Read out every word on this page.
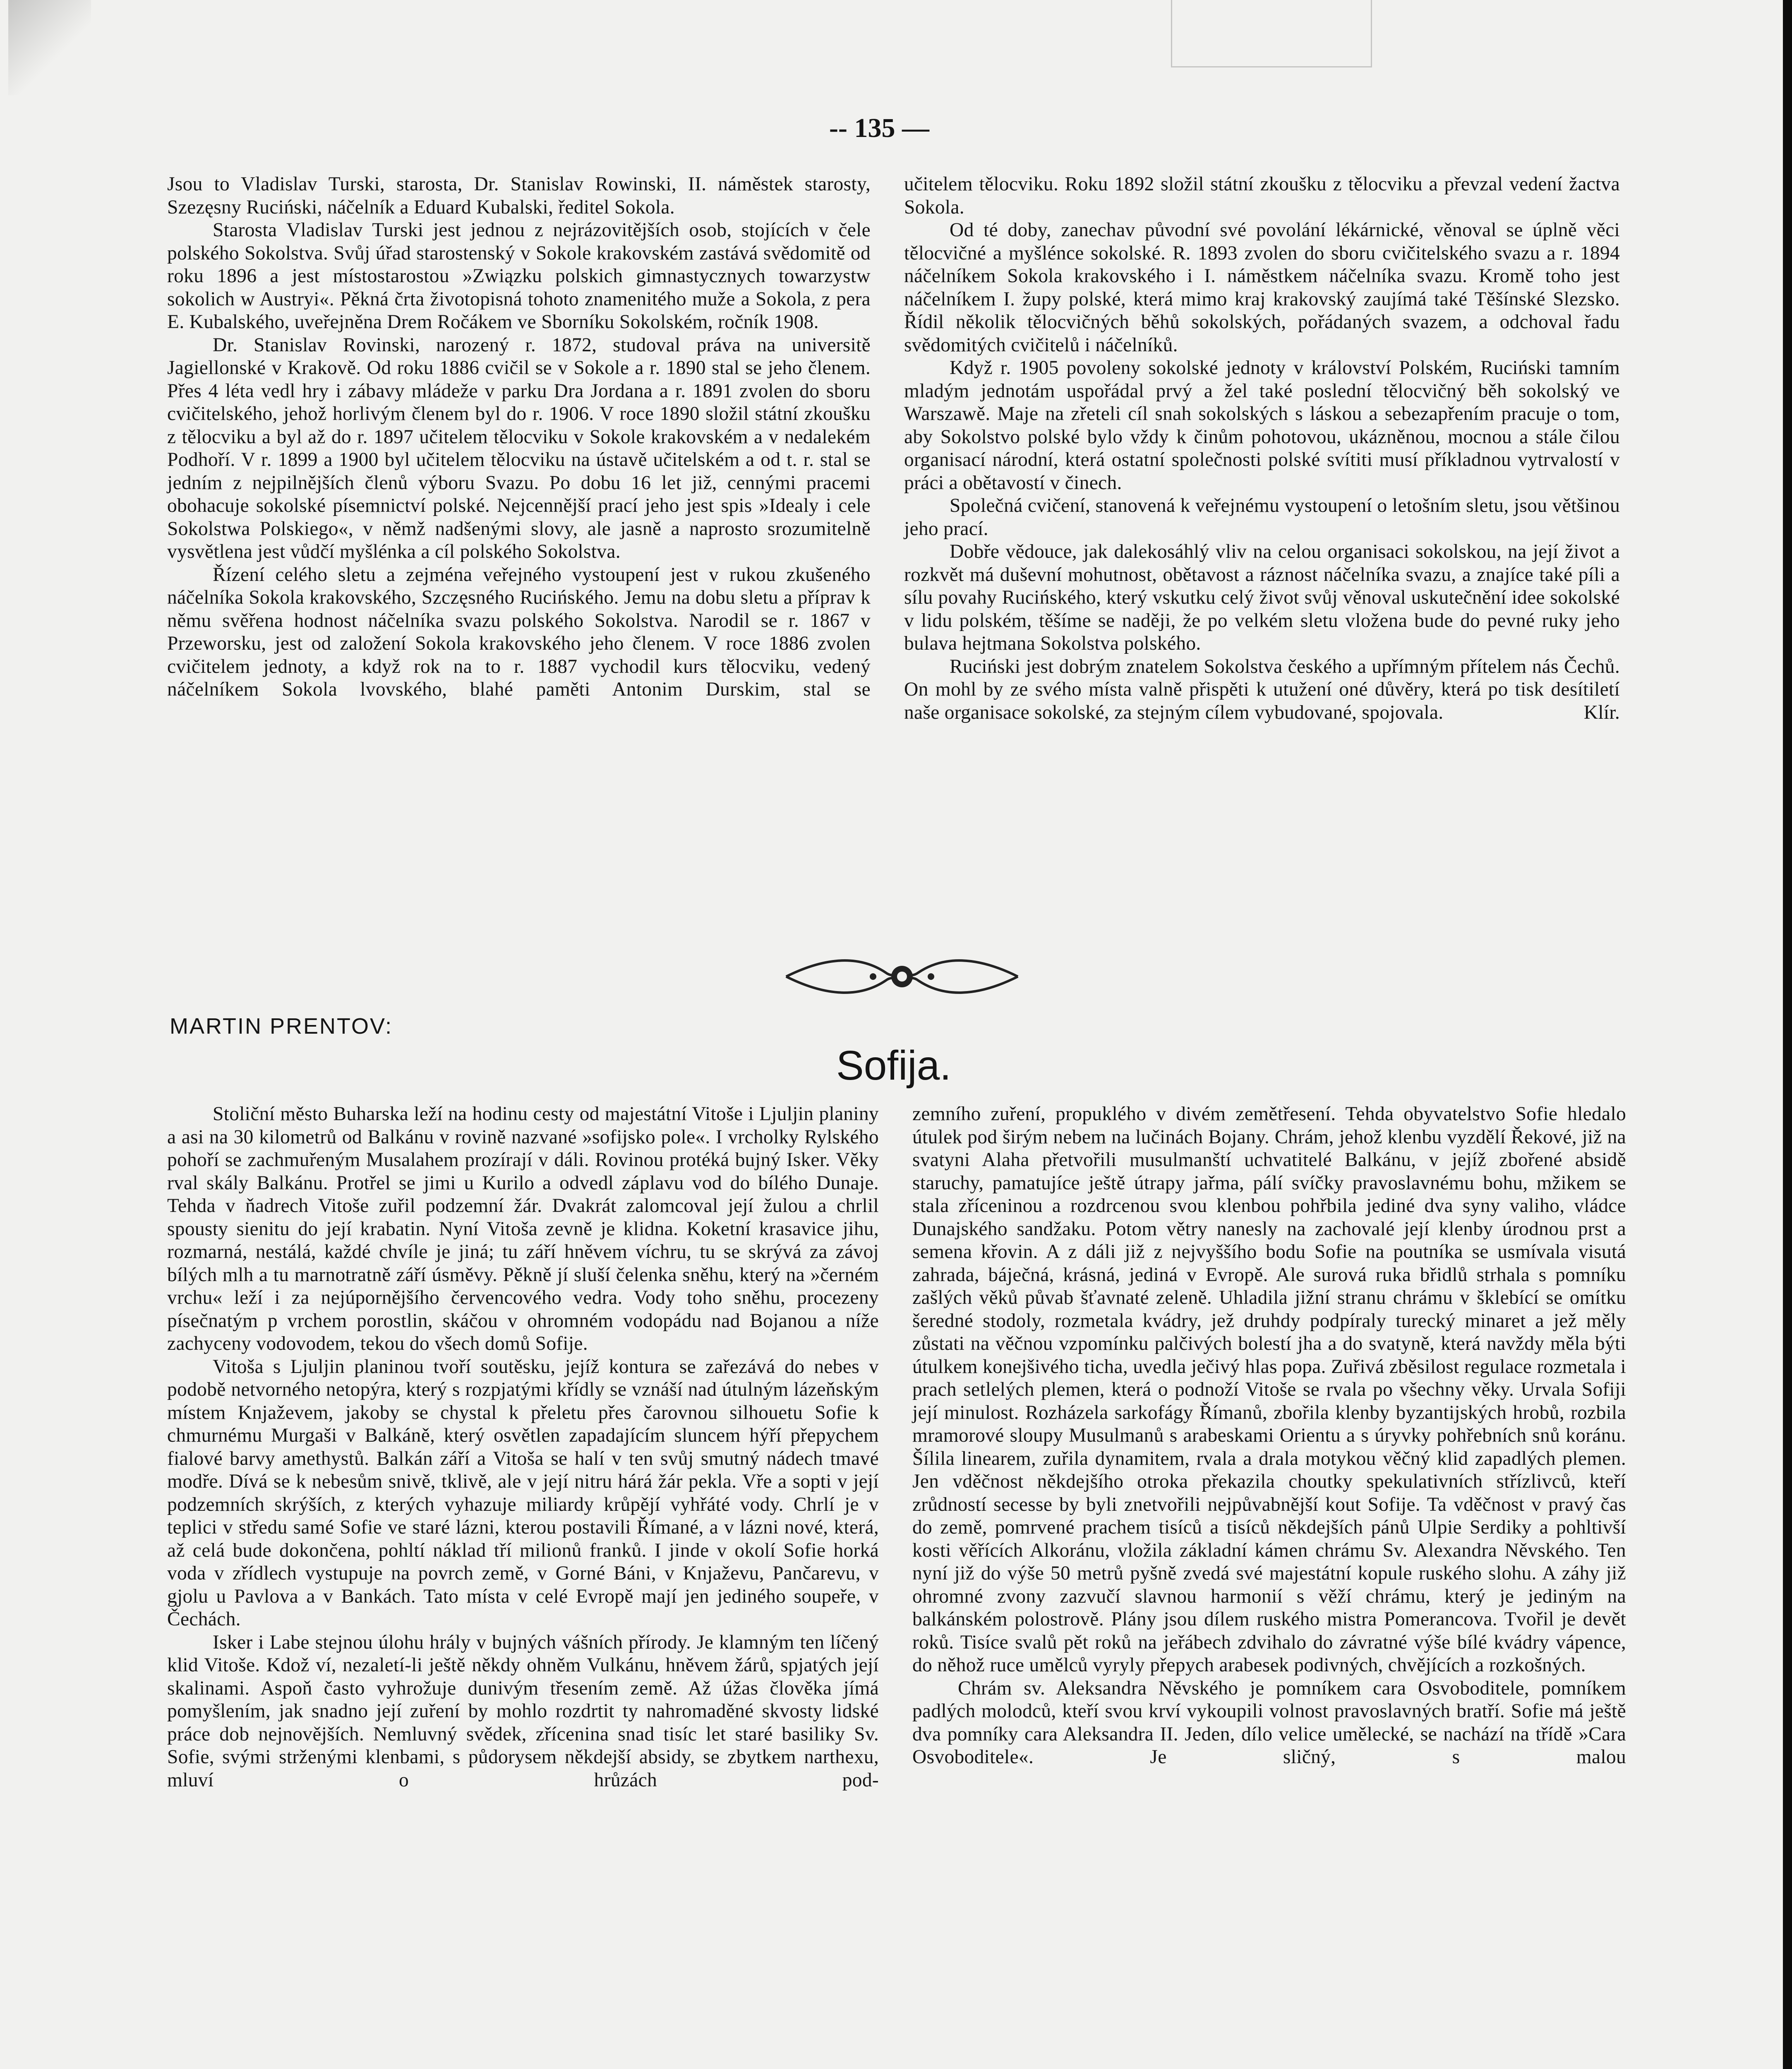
-- 135 —

Jsou to Vladislav Turski, starosta, Dr. Stanislav Rowinski, II. náměstek starosty, Szezęsny Ruciński, náčelník a Eduard Kubalski, ředitel Sokola.

Starosta Vladislav Turski jest jednou z nejrázovitějších osob, stojících v čele polského Sokolstva. Svůj úřad starostenský v Sokole krakovském zastává svědomitě od roku 1896 a jest místostarostou »Związku polskich gimnastycznych towarzystw sokolich w Austryi«. Pěkná črta životopisná tohoto znamenitého muže a Sokola, z pera E. Kubalského, uveřejněna Drem Ročákem ve Sborníku Sokolském, ročník 1908.

Dr. Stanislav Rovinski, narozený r. 1872, studoval práva na universitě Jagiellonské v Krakově. Od roku 1886 cvičil se v Sokole a r. 1890 stal se jeho členem. Přes 4 léta vedl hry i zábavy mládeže v parku Dra Jordana a r. 1891 zvolen do sboru cvičitelského, jehož horlivým členem byl do r. 1906. V roce 1890 složil státní zkoušku z tělocviku a byl až do r. 1897 učitelem tělocviku v Sokole krakovském a v nedalekém Podhoří. V r. 1899 a 1900 byl učitelem tělocviku na ústavě učitelském a od t. r. stal se jedním z nejpilnějších členů výboru Svazu. Po dobu 16 let již, cennými pracemi obohacuje sokolské písemnictví polské. Nejcennější prací jeho jest spis »Idealy i cele Sokolstwa Polskiego«, v němž nadšenými slovy, ale jasně a naprosto srozumitelně vysvětlena jest vůdčí myšlénka a cíl polského Sokolstva.

Řízení celého sletu a zejména veřejného vystoupení jest v rukou zkušeného náčelníka Sokola krakovského, Szczęsného Rucińského. Jemu na dobu sletu a příprav k němu svěřena hodnost náčelníka svazu polského Sokolstva. Narodil se r. 1867 v Przeworsku, jest od založení Sokola krakovského jeho členem. V roce 1886 zvolen cvičitelem jednoty, a když rok na to r. 1887 vychodil kurs tělocviku, vedený náčelníkem Sokola lvovského, blahé paměti Antonim Durskim, stal se

učitelem tělocviku. Roku 1892 složil státní zkoušku z tělocviku a převzal vedení žactva Sokola.

Od té doby, zanechav původní své povolání lékárnické, věnoval se úplně věci tělocvičné a myšlénce sokolské. R. 1893 zvolen do sboru cvičitelského svazu a r. 1894 náčelníkem Sokola krakovského i I. náměstkem náčelníka svazu. Kromě toho jest náčelníkem I. župy polské, která mimo kraj krakovský zaujímá také Těšínské Slezsko. Řídil několik tělocvičných běhů sokolských, pořádaných svazem, a odchoval řadu svědomitých cvičitelů i náčelníků.

Když r. 1905 povoleny sokolské jednoty v království Polském, Ruciński tamním mladým jednotám uspořádal prvý a žel také poslední tělocvičný běh sokolský ve Warszawě. Maje na zřeteli cíl snah sokolských s láskou a sebezapřením pracuje o tom, aby Sokolstvo polské bylo vždy k činům pohotovou, ukázněnou, mocnou a stále čilou organisací národní, která ostatní společnosti polské svítiti musí příkladnou vytrvalostí v práci a obětavostí v činech.

Společná cvičení, stanovená k veřejnému vystoupení o letošním sletu, jsou většinou jeho prací.

Dobře vědouce, jak dalekosáhlý vliv na celou organisaci sokolskou, na její život a rozkvět má duševní mohutnost, obětavost a ráznost náčelníka svazu, a znajíce také píli a sílu povahy Rucińského, který vskutku celý život svůj věnoval uskutečnění idee sokolské v lidu polském, těšíme se naději, že po velkém sletu vložena bude do pevné ruky jeho bulava hejtmana Sokolstva polského.

Ruciński jest dobrým znatelem Sokolstva českého a upřímným přítelem nás Čechů. On mohl by ze svého místa valně přispěti k utužení oné důvěry, která po tisk desítiletí naše organisace sokolské, za stejným cílem vybudované, spojovala.	Klír.

MARTIN PRENTOV:
Sofija.

Stoliční město Buharska leží na hodinu cesty od majestátní Vitoše i Ljuljin planiny a asi na 30 kilometrů od Balkánu v rovině nazvané »sofijsko pole«. I vrcholky Rylského pohoří se zachmuřeným Musalahem prozírají v dáli. Rovinou protéká bujný Isker. Věky rval skály Balkánu. Protřel se jimi u Kurilo a odvedl záplavu vod do bílého Dunaje. Tehda v ňadrech Vitoše zuřil podzemní žár. Dvakrát zalomcoval její žulou a chrlil spousty sienitu do její krabatin. Nyní Vitoša zevně je klidna. Koketní krasavice jihu, rozmarná, nestálá, každé chvíle je jiná; tu září hněvem víchru, tu se skrývá za závoj bílých mlh a tu marnotratně září úsměvy. Pěkně jí sluší čelenka sněhu, který na »černém vrchu« leží i za nejúpornějšího červencového vedra. Vody toho sněhu, procezeny písečnatým p vrchem porostlin, skáčou v ohromném vodopádu nad Bojanou a níže zachyceny vodovodem, tekou do všech domů Sofije.

Vitoša s Ljuljin planinou tvoří soutěsku, jejíž kontura se zařezává do nebes v podobě netvorného netopýra, který s rozpjatými křídly se vznáší nad útulným lázeňským místem Knjaževem, jakoby se chystal k přeletu přes čarovnou silhouetu Sofie k chmurnému Murgaši v Balkáně, který osvětlen zapadajícím sluncem hýří přepychem fialové barvy amethystů. Balkán září a Vitoša se halí v ten svůj smutný nádech tmavé modře. Dívá se k nebesům snivě, tklivě, ale v její nitru hárá žár pekla. Vře a sopti v její podzemních skrýších, z kterých vyhazuje miliardy krůpějí vyhřáté vody. Chrlí je v teplici v středu samé Sofie ve staré lázni, kterou postavili Římané, a v lázni nové, která, až celá bude dokončena, pohltí náklad tří milionů franků. I jinde v okolí Sofie horká voda v zřídlech vystupuje na povrch země, v Gorné Báni, v Knjaževu, Pančarevu, v gjolu u Pavlova a v Bankách. Tato místa v celé Evropě mají jen jediného soupeře, v Čechách.

Isker i Labe stejnou úlohu hrály v bujných vášních přírody. Je klamným ten líčený klid Vitoše. Kdož ví, nezaletí-li ještě někdy ohněm Vulkánu, hněvem žárů, spjatých její skalinami. Aspoň často vyhrožuje dunivým třesením země. Až úžas člověka jímá pomyšlením, jak snadno její zuření by mohlo rozdrtit ty nahromaděné skvosty lidské práce dob nejnovějších. Nemluvný svědek, zřícenina snad tisíc let staré basiliky Sv. Sofie, svými strženými klenbami, s půdorysem někdejší absidy, se zbytkem narthexu, mluví o hrůzách pod-

zemního zuření, propuklého v divém zemětřesení. Tehda obyvatelstvo Sofie hledalo útulek pod širým nebem na lučinách Bojany. Chrám, jehož klenbu vyzdělí Řekové, již na svatyni Alaha přetvořili musulmanští uchvatitelé Balkánu, v jejíž zbořené absidě staruchy, pamatujíce ještě útrapy jařma, pálí svíčky pravoslavnému bohu, mžikem se stala zříceninou a rozdrcenou svou klenbou pohřbila jediné dva syny valiho, vládce Dunajského sandžaku. Potom větry nanesly na zachovalé její klenby úrodnou prst a semena křovin. A z dáli již z nejvyššího bodu Sofie na poutníka se usmívala visutá zahrada, báječná, krásná, jediná v Evropě. Ale surová ruka břidlů strhala s pomníku zašlých věků půvab šťavnaté zeleně. Uhladila jižní stranu chrámu v šklebící se omítku šeredné stodoly, rozmetala kvádry, jež druhdy podpíraly turecký minaret a jež měly zůstati na věčnou vzpomínku palčivých bolestí jha a do svatyně, která navždy měla býti útulkem konejšivého ticha, uvedla ječivý hlas popa. Zuřivá zběsilost regulace rozmetala i prach setlelých plemen, která o podnoží Vitoše se rvala po všechny věky. Urvala Sofiji její minulost. Rozházela sarkofágy Římanů, zbořila klenby byzantijských hrobů, rozbila mramorové sloupy Musulmanů s arabeskami Orientu a s úryvky pohřebních snů koránu. Šílila linearem, zuřila dynamitem, rvala a drala motykou věčný klid zapadlých plemen. Jen vděčnost někdejšího otroka překazila choutky spekulativních střízlivců, kteří zrůdností secesse by byli znetvořili nejpůvabnější kout Sofije. Ta vděčnost v pravý čas do země, pomrvené prachem tisíců a tisíců někdejších pánů Ulpie Serdiky a pohltivší kosti věřících Alkoránu, vložila základní kámen chrámu Sv. Alexandra Něvského. Ten nyní již do výše 50 metrů pyšně zvedá své majestátní kopule ruského slohu. A záhy již ohromné zvony zazvučí slavnou harmonií s věží chrámu, který je jediným na balkánském polostrově. Plány jsou dílem ruského mistra Pomerancova. Tvořil je devět roků. Tisíce svalů pět roků na jeřábech zdvihalo do závratné výše bílé kvádry vápence, do něhož ruce umělců vyryly přepych arabesek podivných, chvějících a rozkošných.

Chrám sv. Aleksandra Něvského je pomníkem cara Osvoboditele, pomníkem padlých molodců, kteří svou krví vykoupili volnost pravoslavných bratří. Sofie má ještě dva pomníky cara Aleksandra II. Jeden, dílo velice umělecké, se nachází na třídě »Cara Osvoboditele«. Je sličný, s malou
